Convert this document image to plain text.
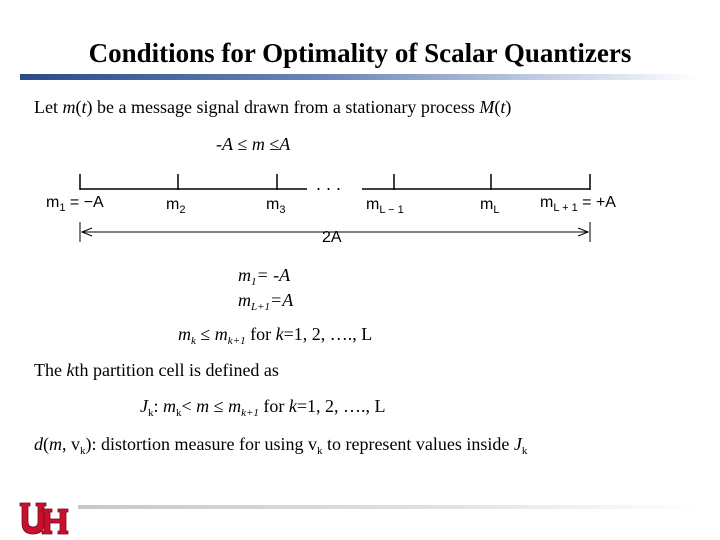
Conditions for Optimality of Scalar Quantizers
Let m(t) be a message signal drawn from a stationary process M(t)
-A ≤ m ≤A
. . .
2A
$m_1 = -A$	$m_2$	$m_3$	$m_{L - 1}$	$m_L$	$m_{L + 1} = +A$
$m_1= -A$
$m_{L+1}=A$
$m_k \le m_{k+1}$ for k=1, 2, …., L
The kth partition cell is defined as
$J_k$: $m_k< m \le m_{k+1}$ for k=1, 2, …., L
d(m, $v_k$): distortion measure for using $v_k$ to represent values inside $J_k$
